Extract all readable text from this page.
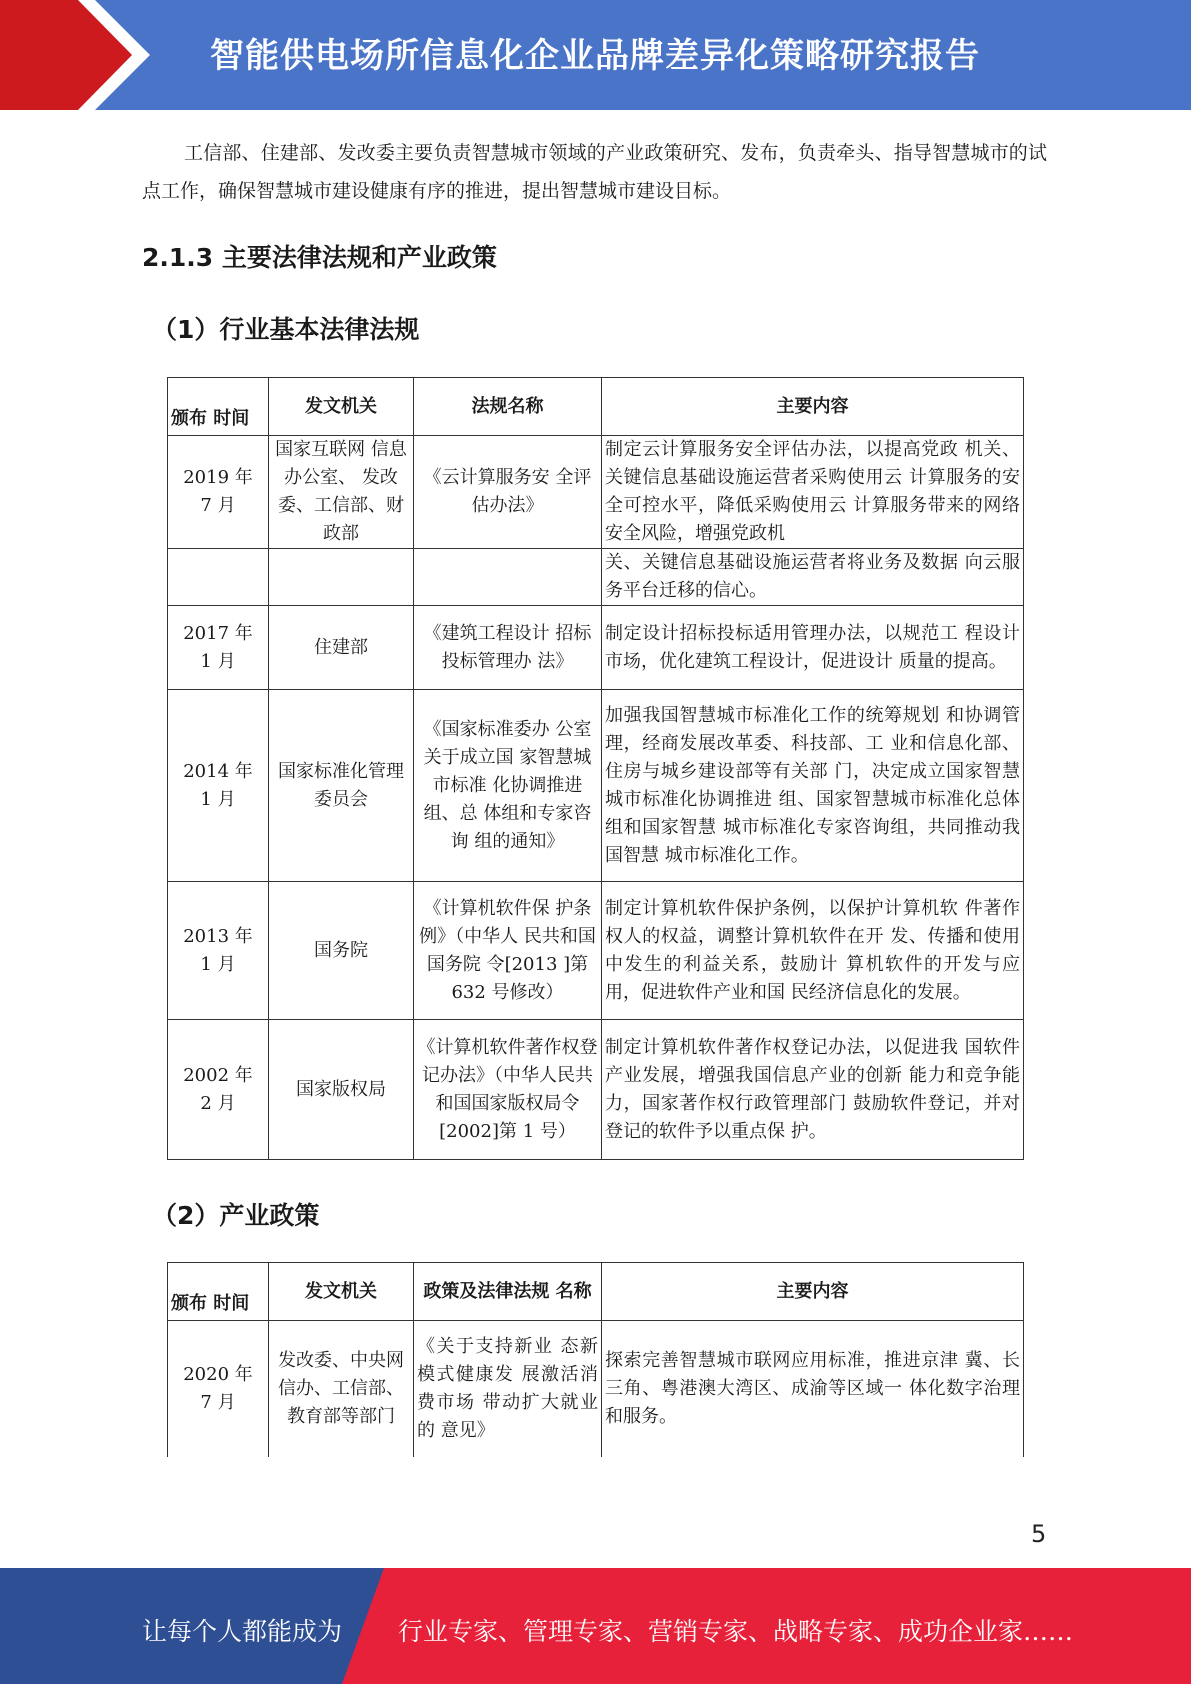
智能供电场所信息化企业品牌差异化策略研究报告

工信部、住建部、发改委主要负责智慧城市领域的产业政策研究、发布，负责牵头、指导智慧城市的试点工作，确保智慧城市建设健康有序的推进，提出智慧城市建设目标。

2.1.3 主要法律法规和产业政策
（1）行业基本法律法规
颁布 时间	发文机关	法规名称	主要内容
2019 年
7 月	国家互联网 信息办公室、 发改委、工信部、财政部	《云计算服务安 全评估办法》	制定云计算服务安全评估办法，以提高党政 机关、关键信息基础设施运营者采购使用云 计算服务的安全可控水平，降低采购使用云 计算服务带来的网络安全风险，增强党政机
			关、关键信息基础设施运营者将业务及数据 向云服务平台迁移的信心。
2017 年
1 月	住建部	《建筑工程设计 招标投标管理办 法》	制定设计招标投标适用管理办法，以规范工 程设计市场，优化建筑工程设计，促进设计 质量的提高。
2014 年
1 月	国家标准化管理委员会	《国家标准委办 公室关于成立国 家智慧城市标准 化协调推进组、总 体组和专家咨询 组的通知》	加强我国智慧城市标准化工作的统筹规划 和协调管理，经商发展改革委、科技部、工 业和信息化部、住房与城乡建设部等有关部 门，决定成立国家智慧城市标准化协调推进 组、国家智慧城市标准化总体组和国家智慧 城市标准化专家咨询组，共同推动我国智慧 城市标准化工作。
2013 年
1 月	国务院	《计算机软件保 护条例》（中华人 民共和国国务院 令[2013 ]第 632 号修改）	制定计算机软件保护条例，以保护计算机软 件著作权人的权益，调整计算机软件在开 发、传播和使用中发生的利益关系，鼓励计 算机软件的开发与应用，促进软件产业和国 民经济信息化的发展。
2002 年
2 月	国家版权局	《计算机软件著作权登记办法》（中华人民共和国国家版权局令[2002]第 1 号）	制定计算机软件著作权登记办法，以促进我 国软件产业发展，增强我国信息产业的创新 能力和竞争能力，国家著作权行政管理部门 鼓励软件登记，并对登记的软件予以重点保 护。
（2）产业政策
颁布 时间	发文机关	政策及法律法规 名称	主要内容
2020 年
7 月	发改委、中央网信办、工信部、教育部等部门	《关于支持新业 态新模式健康发 展激活消费市场 带动扩大就业的 意见》	探索完善智慧城市联网应用标准，推进京津 冀、长三角、粤港澳大湾区、成渝等区域一 体化数字治理和服务。
5
让每个人都能成为 行业专家、管理专家、营销专家、战略专家、成功企业家……
